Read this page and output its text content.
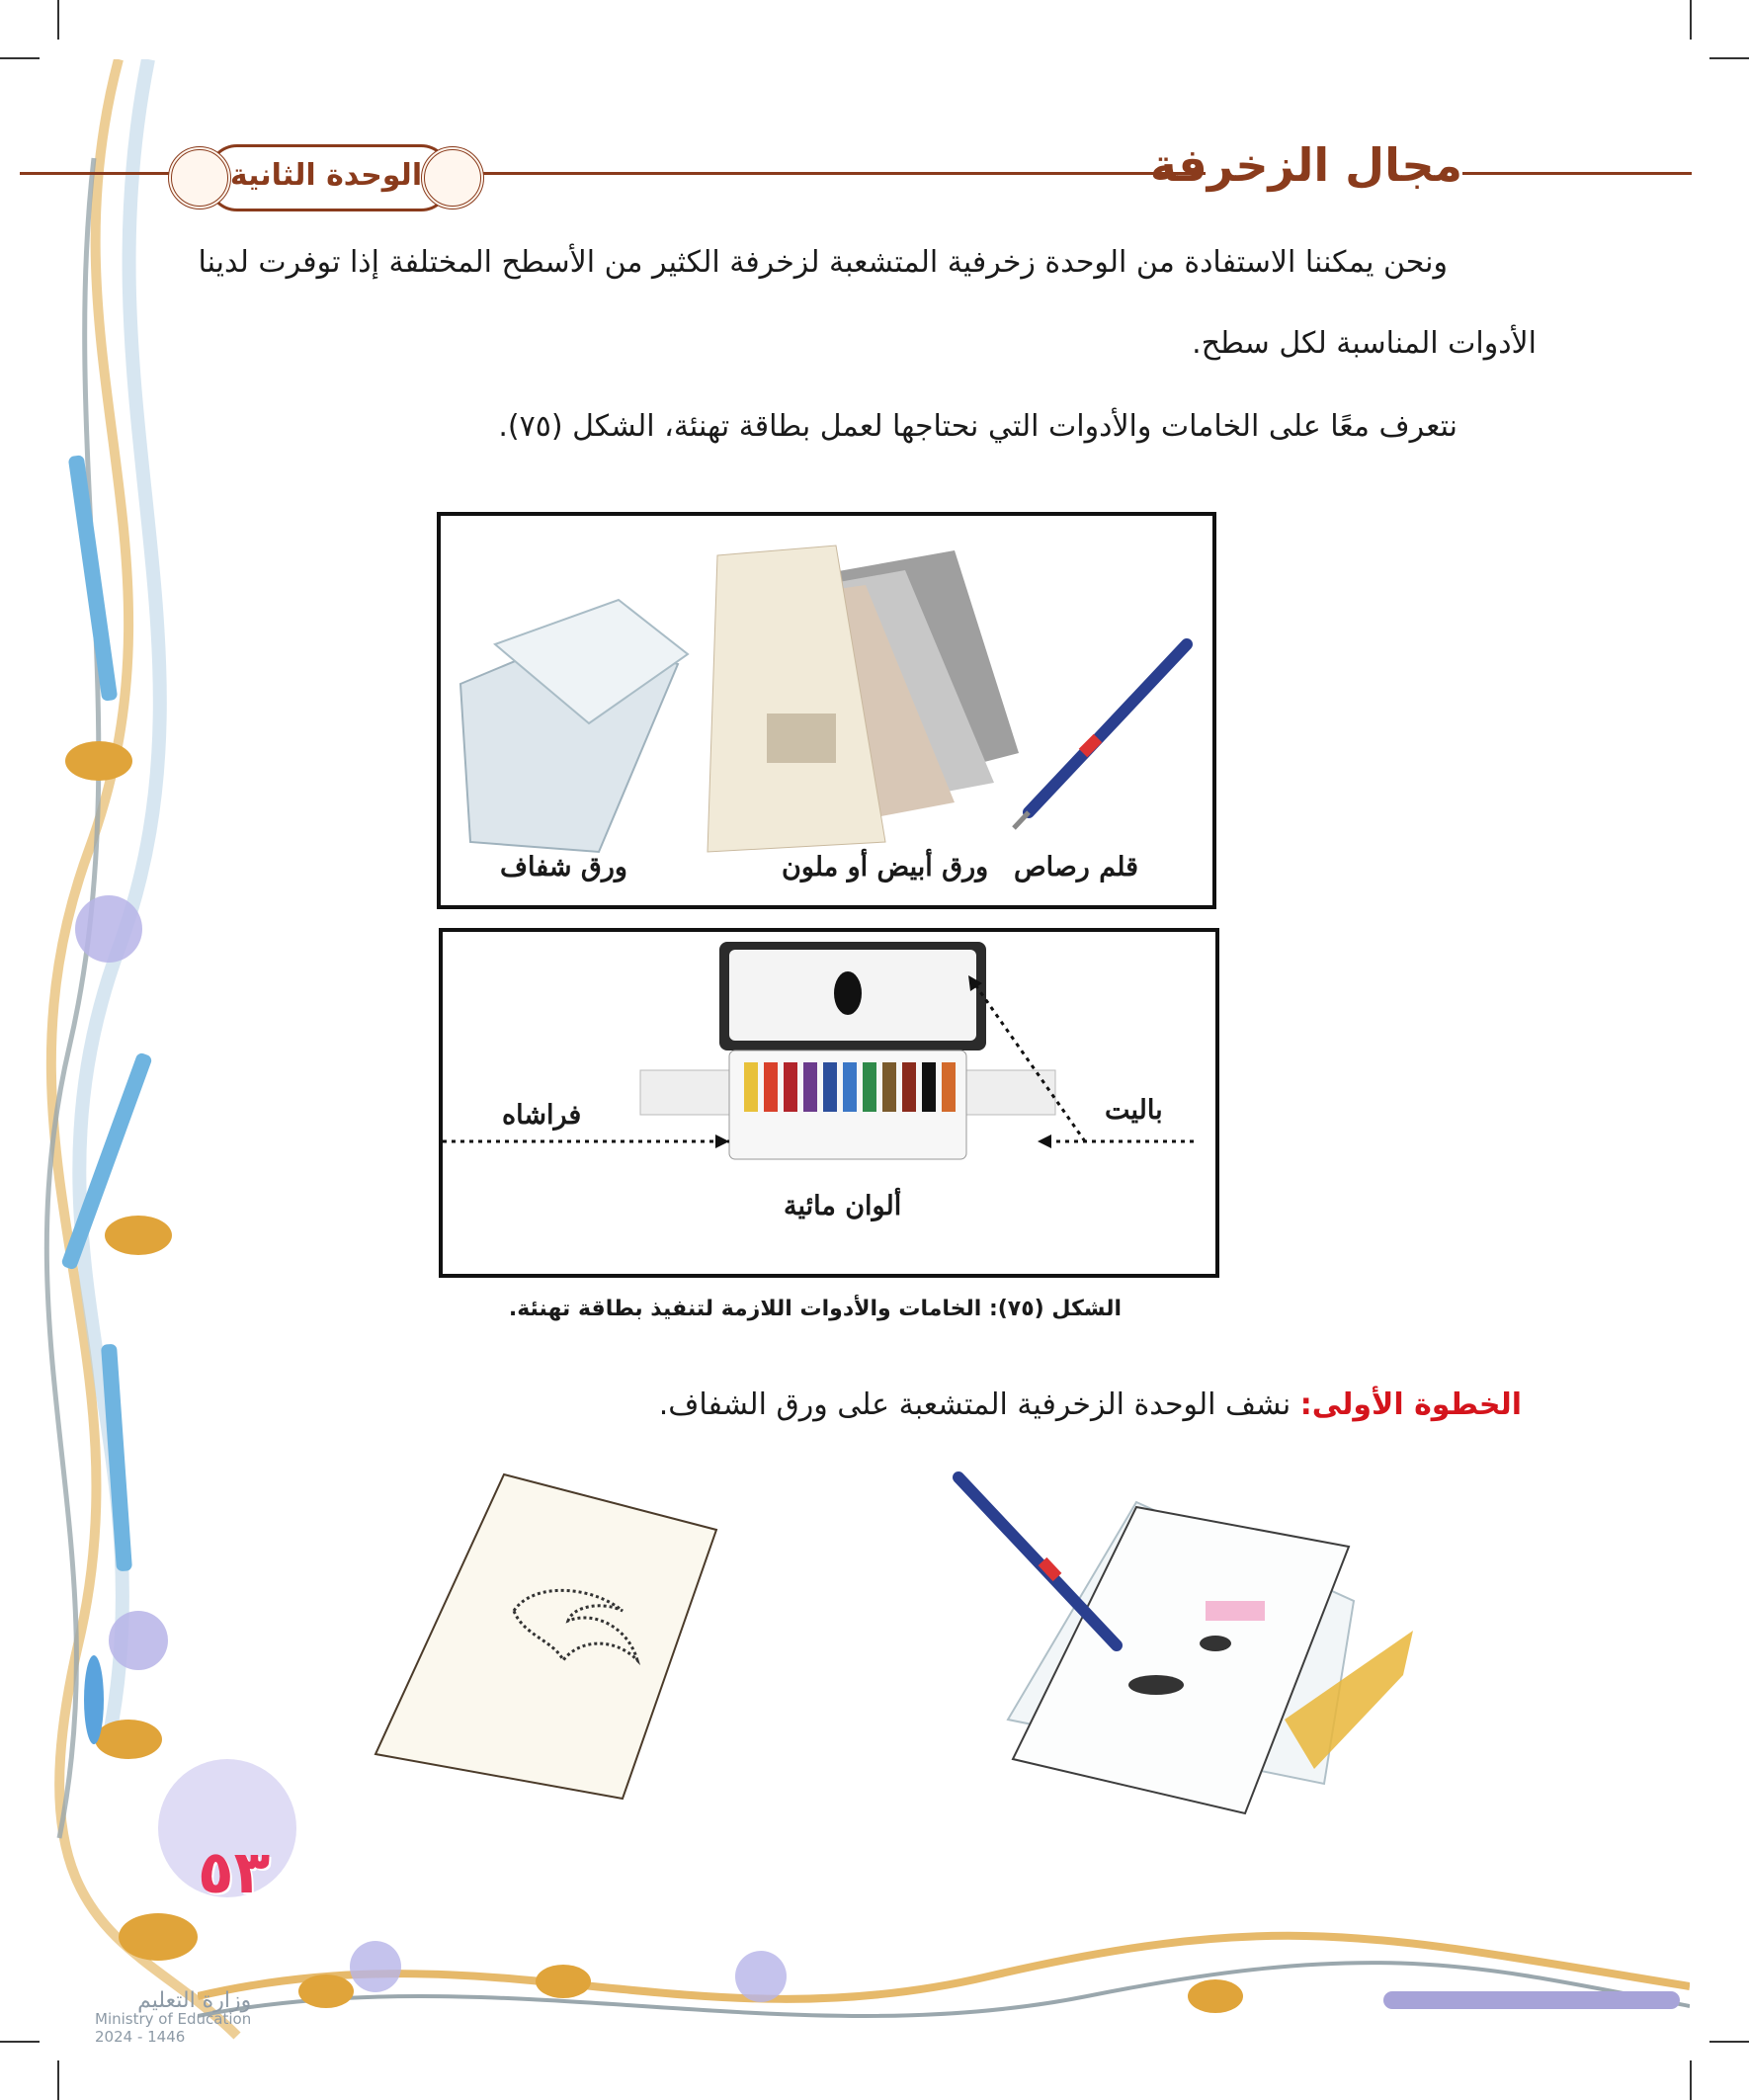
الوحدة الثانية	مجال الزخرفة
ونحن يمكننا الاستفادة من الوحدة زخرفية المتشعبة لزخرفة الكثير من الأسطح المختلفة إذا توفرت لدينا
الأدوات المناسبة لكل سطح.
نتعرف معًا على الخامات والأدوات التي نحتاجها لعمل بطاقة تهنئة، الشكل (٧٥).
قلم رصاص
ورق أبيض أو ملون
ورق شفاف
باليت
فراشاه
ألوان مائية
الشكل (٧٥): الخامات والأدوات اللازمة لتنفيذ بطاقة تهنئة.
الخطوة الأولى: نشف الوحدة الزخرفية المتشعبة على ورق الشفاف.
٥٣
وزارة التعليم
Ministry of Education
2024 - 1446
